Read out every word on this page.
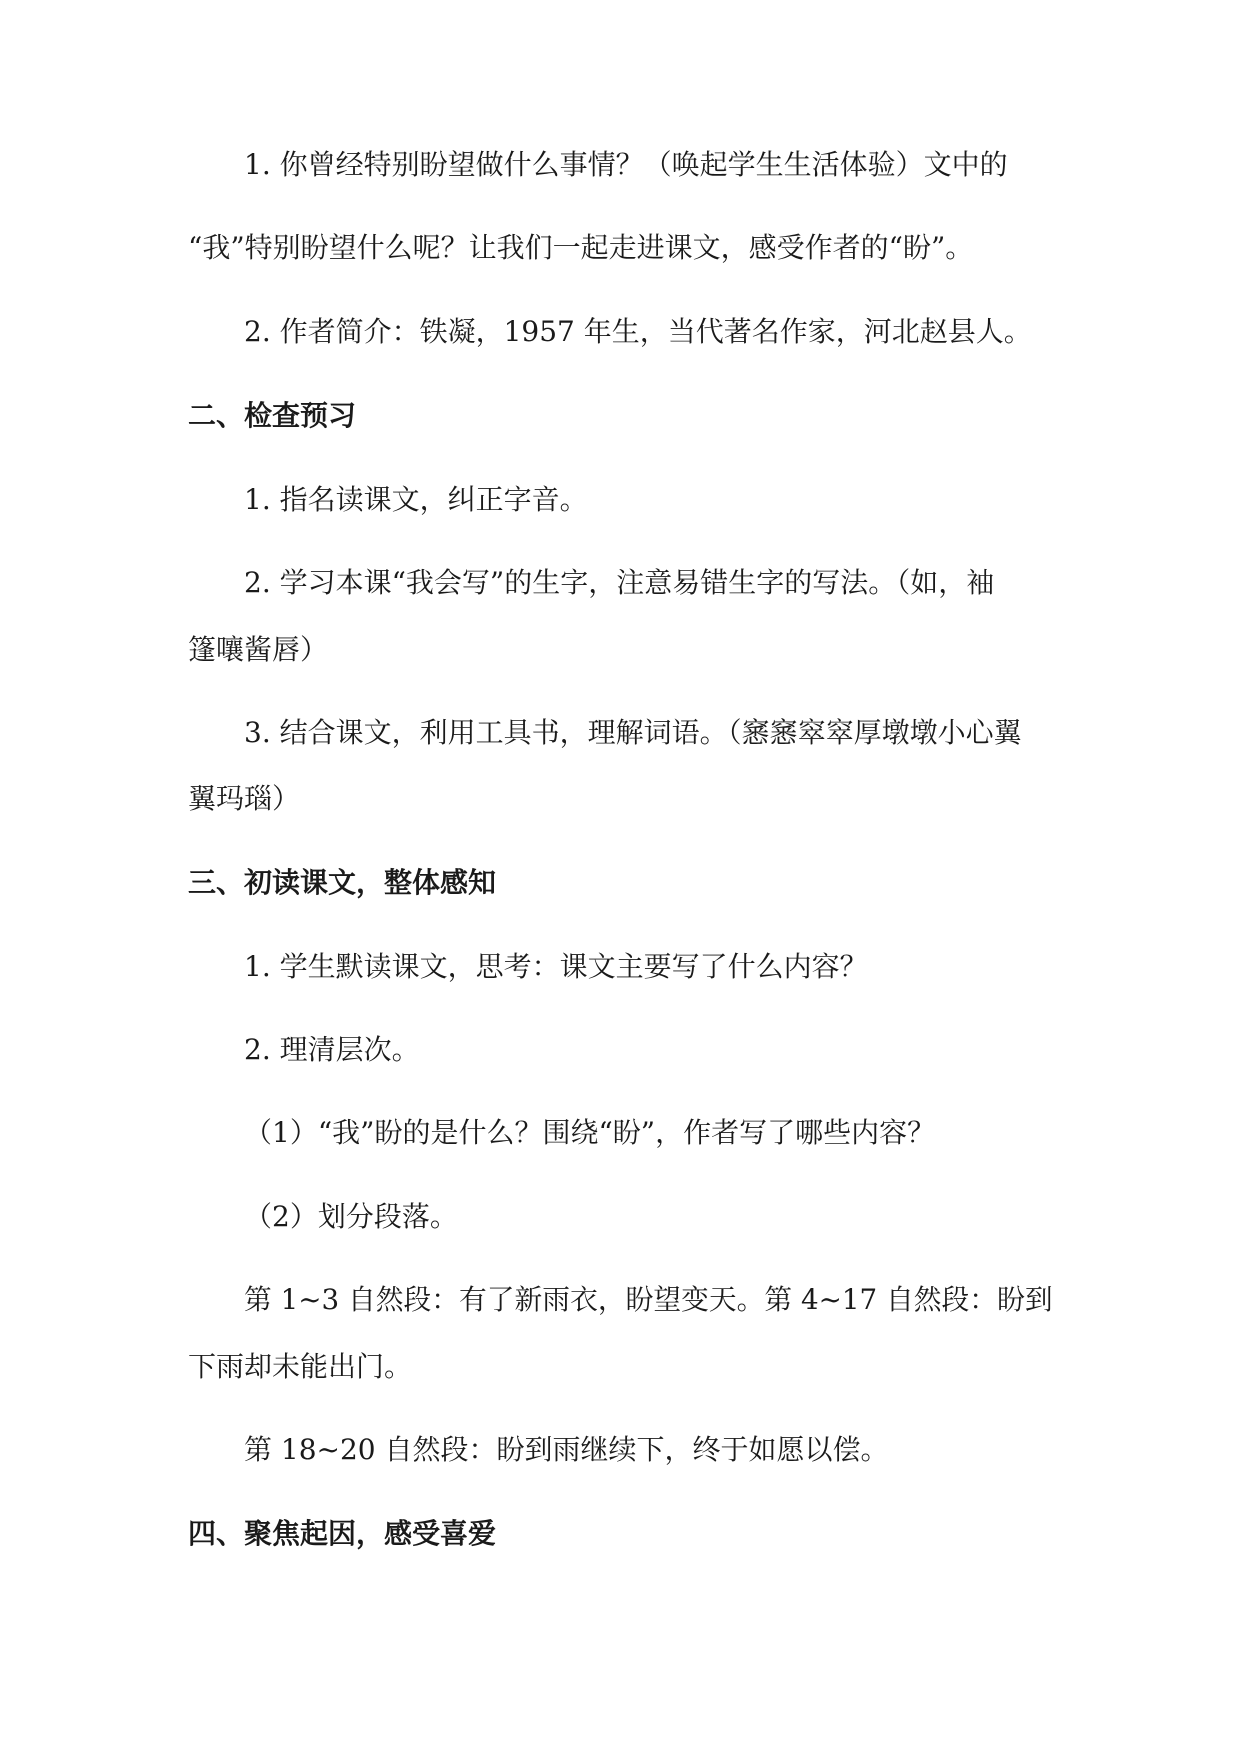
1. 你曾经特别盼望做什么事情？（唤起学生生活体验）文中的
“我”特别盼望什么呢？让我们一起走进课文，感受作者的“盼”。
2. 作者简介：铁凝，1957 年生，当代著名作家，河北赵县人。
二、检查预习
1. 指名读课文，纠正字音。
2. 学习本课“我会写”的生字，注意易错生字的写法。（如，袖
篷嚷酱唇）
3. 结合课文，利用工具书，理解词语。（窸窸窣窣厚墩墩小心翼
翼玛瑙）
三、初读课文，整体感知
1. 学生默读课文，思考：课文主要写了什么内容？
2. 理清层次。
（1）“我”盼的是什么？围绕“盼”，作者写了哪些内容？
（2）划分段落。
第 1~3 自然段：有了新雨衣，盼望变天。第 4~17 自然段：盼到
下雨却未能出门。
第 18~20 自然段：盼到雨继续下，终于如愿以偿。
四、聚焦起因，感受喜爱
